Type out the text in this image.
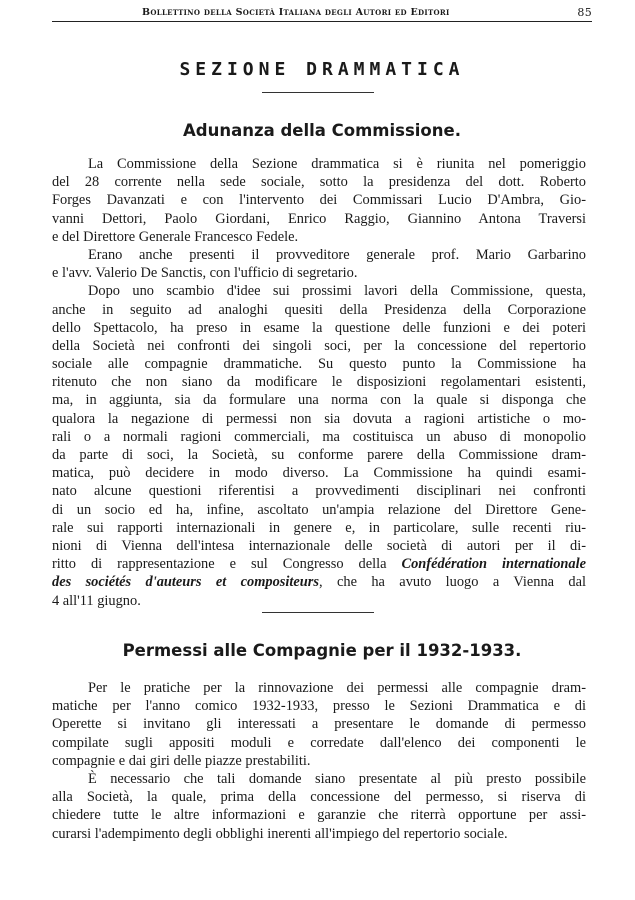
Bollettino della Società Italiana degli Autori ed Editori	85
SEZIONE DRAMMATICA
Adunanza della Commissione.
La Commissione della Sezione drammatica si è riunita nel pomeriggio
del 28 corrente nella sede sociale, sotto la presidenza del dott. Roberto
Forges Davanzati e con l'intervento dei Commissari Lucio D'Ambra, Gio-
vanni Dettori, Paolo Giordani, Enrico Raggio, Giannino Antona Traversi
e del Direttore Generale Francesco Fedele.
Erano anche presenti il provveditore generale prof. Mario Garbarino
e l'avv. Valerio De Sanctis, con l'ufficio di segretario.
Dopo uno scambio d'idee sui prossimi lavori della Commissione, questa,
anche in seguito ad analoghi quesiti della Presidenza della Corporazione
dello Spettacolo, ha preso in esame la questione delle funzioni e dei poteri
della Società nei confronti dei singoli soci, per la concessione del repertorio
sociale alle compagnie drammatiche. Su questo punto la Commissione ha
ritenuto che non siano da modificare le disposizioni regolamentari esistenti,
ma, in aggiunta, sia da formulare una norma con la quale si disponga che
qualora la negazione di permessi non sia dovuta a ragioni artistiche o mo-
rali o a normali ragioni commerciali, ma costituisca un abuso di monopolio
da parte di soci, la Società, su conforme parere della Commissione dram-
matica, può decidere in modo diverso. La Commissione ha quindi esami-
nato alcune questioni riferentisi a provvedimenti disciplinari nei confronti
di un socio ed ha, infine, ascoltato un'ampia relazione del Direttore Gene-
rale sui rapporti internazionali in genere e, in particolare, sulle recenti riu-
nioni di Vienna dell'intesa internazionale delle società di autori per il di-
ritto di rappresentazione e sul Congresso della Confédération internationale
des sociétés d'auteurs et compositeurs, che ha avuto luogo a Vienna dal
4 all'11 giugno.
Permessi alle Compagnie per il 1932-1933.
Per le pratiche per la rinnovazione dei permessi alle compagnie dram-
matiche per l'anno comico 1932-1933, presso le Sezioni Drammatica e di
Operette si invitano gli interessati a presentare le domande di permesso
compilate sugli appositi moduli e corredate dall'elenco dei componenti le
compagnie e dai giri delle piazze prestabiliti.
È necessario che tali domande siano presentate al più presto possibile
alla Società, la quale, prima della concessione del permesso, si riserva di
chiedere tutte le altre informazioni e garanzie che riterrà opportune per assi-
curarsi l'adempimento degli obblighi inerenti all'impiego del repertorio sociale.
